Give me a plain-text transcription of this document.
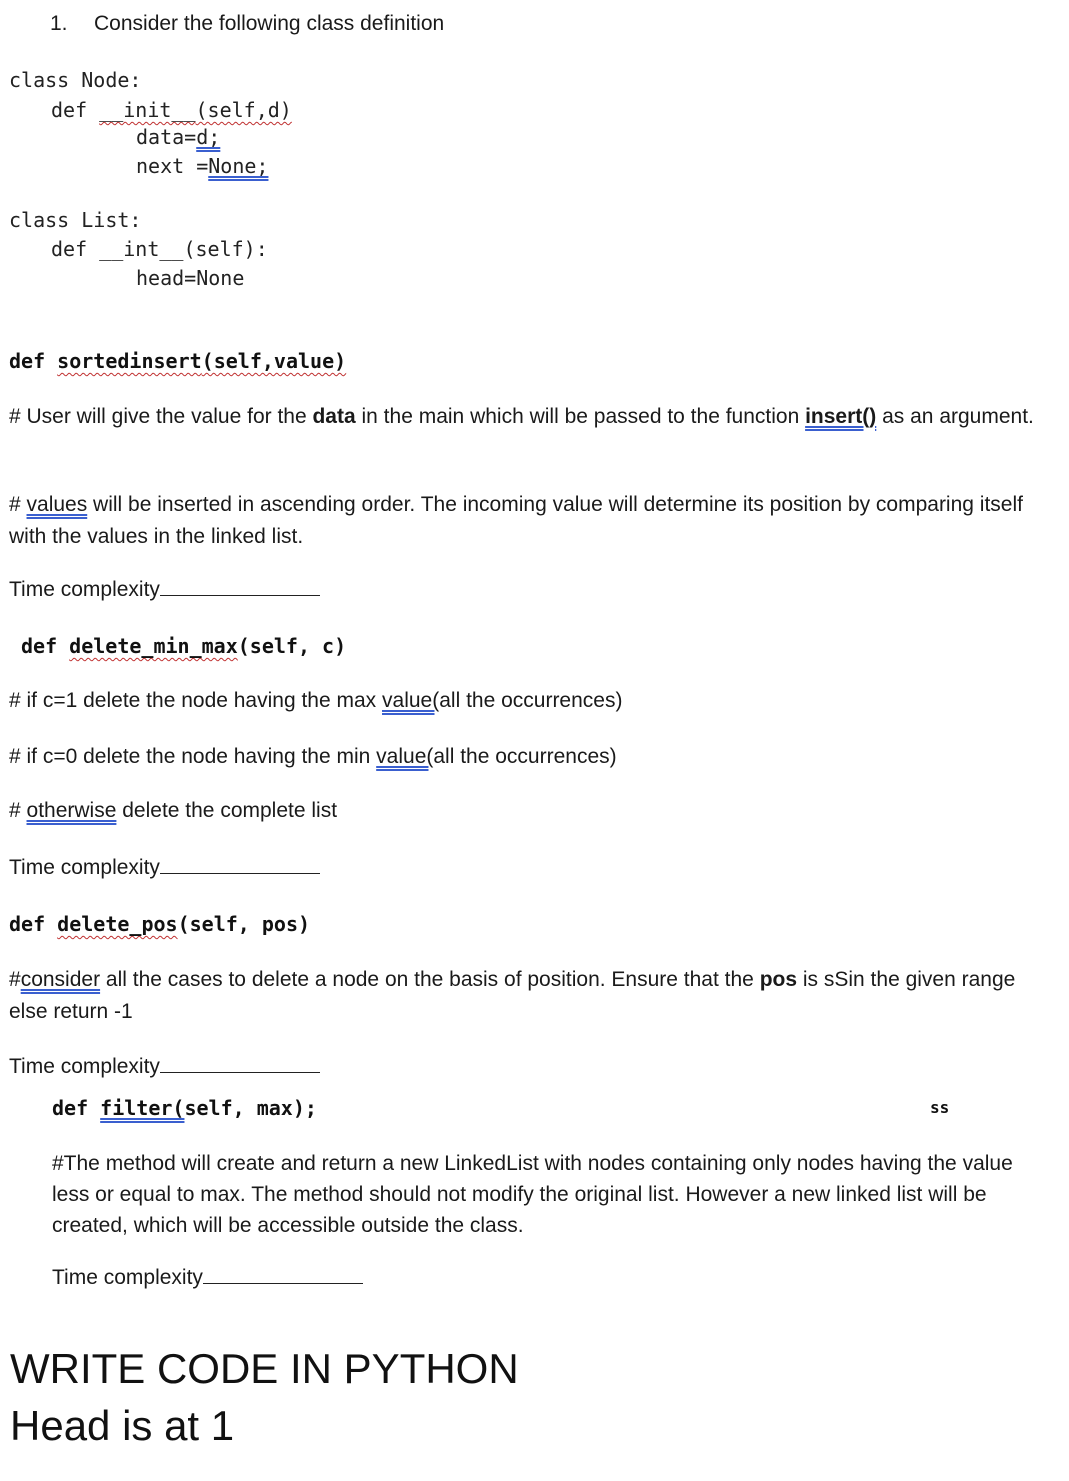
1. Consider the following class definition
class Node:
def __init__(self,d)
data=d;
next =None;
class List:
def __int__(self):
head=None
def sortedinsert(self,value)
# User will give the value for the data in the main which will be passed to the function insert() as an argument.
# values will be inserted in ascending order. The incoming value will determine its position by comparing itself with the values in the linked list.
Time complexity
def delete_min_max(self, c)
# if c=1 delete the node having the max value(all the occurrences)
# if c=0 delete the node having the min value(all the occurrences)
# otherwise delete the complete list
Time complexity
def delete_pos(self, pos)
#consider all the cases to delete a node on the basis of position. Ensure that the pos is sSin the given range else return -1
Time complexity
def filter(self, max);	ss
#The method will create and return a new LinkedList with nodes containing only nodes having the value less or equal to max. The method should not modify the original list. However a new linked list will be created, which will be accessible outside the class.
Time complexity
WRITE CODE IN PYTHON
Head is at 1
